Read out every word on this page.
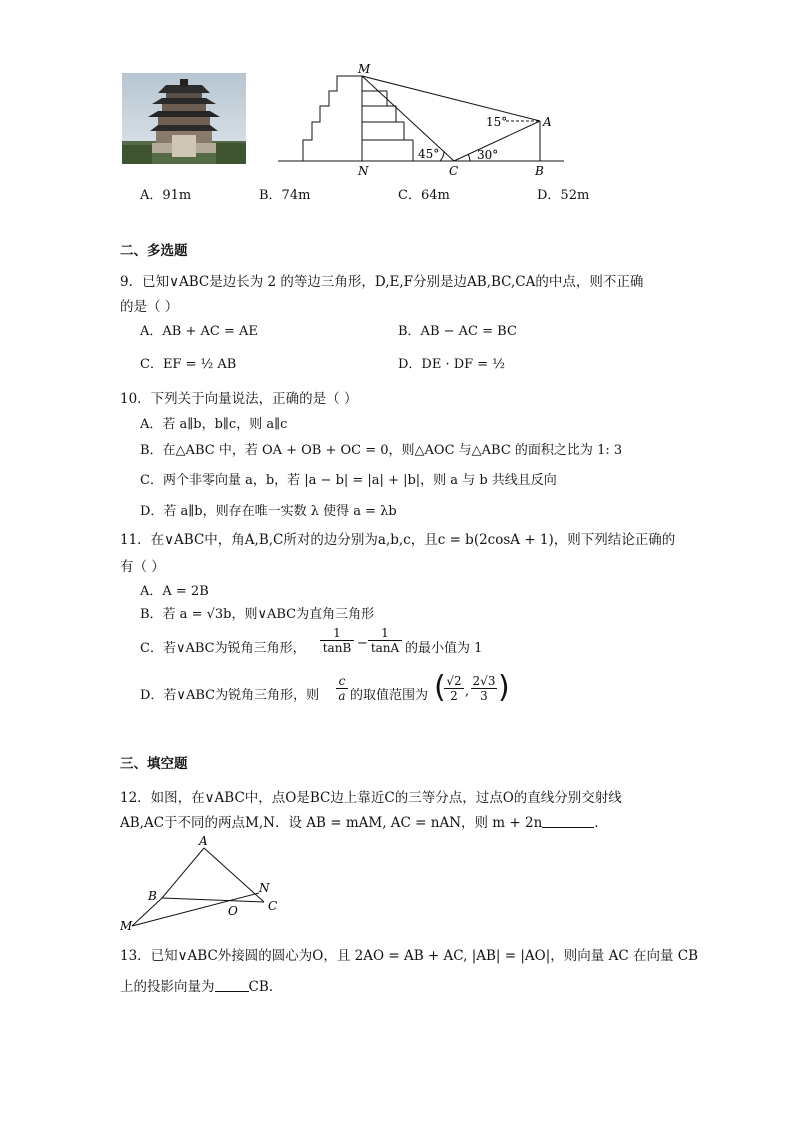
M
N	C	B
A
45°	30°
15°
A．91m	B．74m	C．64m	D．52m
二、多选题
9．已知∨ABC是边长为 2 的等边三角形，D,E,F分别是边AB,BC,CA的中点，则不正确
的是（ ）
A．AB + AC = AE	B．AB − AC = BC
C．EF = ½ AB	D．DE · DF = ½
10．下列关于向量说法，正确的是（ ）
A．若 a∥b，b∥c，则 a∥c
B．在△ABC 中，若 OA + OB + OC = 0，则△AOC 与△ABC 的面积之比为 1: 3
C．两个非零向量 a，b，若 |a − b| = |a| + |b|，则 a 与 b 共线且反向
D．若 a∥b，则存在唯一实数 λ 使得 a = λb
11．在∨ABC中，角A,B,C所对的边分别为a,b,c，且c = b(2cosA + 1)，则下列结论正确的
有（ ）
A．A = 2B
B．若 a = √3b，则∨ABC为直角三角形
C．若∨ABC为锐角三角形， $\frac{1}{\tan B} - \frac{1}{\tan A}$ 的最小值为 1
D．若∨ABC为锐角三角形，则 $\frac{c}{a}$ 的取值范围为 (
$\frac{√2}{2}$ , $\frac{2√3}{3}$ )
三、填空题
12．如图，在∨ABC中，点O是BC边上靠近C的三等分点，过点O的直线分别交射线
AB,AC于不同的两点M,N．设 AB = mAM, AC = nAN，则 m + 2n	.
A
B
N
O	C
M
13．已知∨ABC外接圆的圆心为O，且 2AO = AB + AC, |AB| = |AO|，则向量 AC 在向量 CB
上的投影向量为	CB.
